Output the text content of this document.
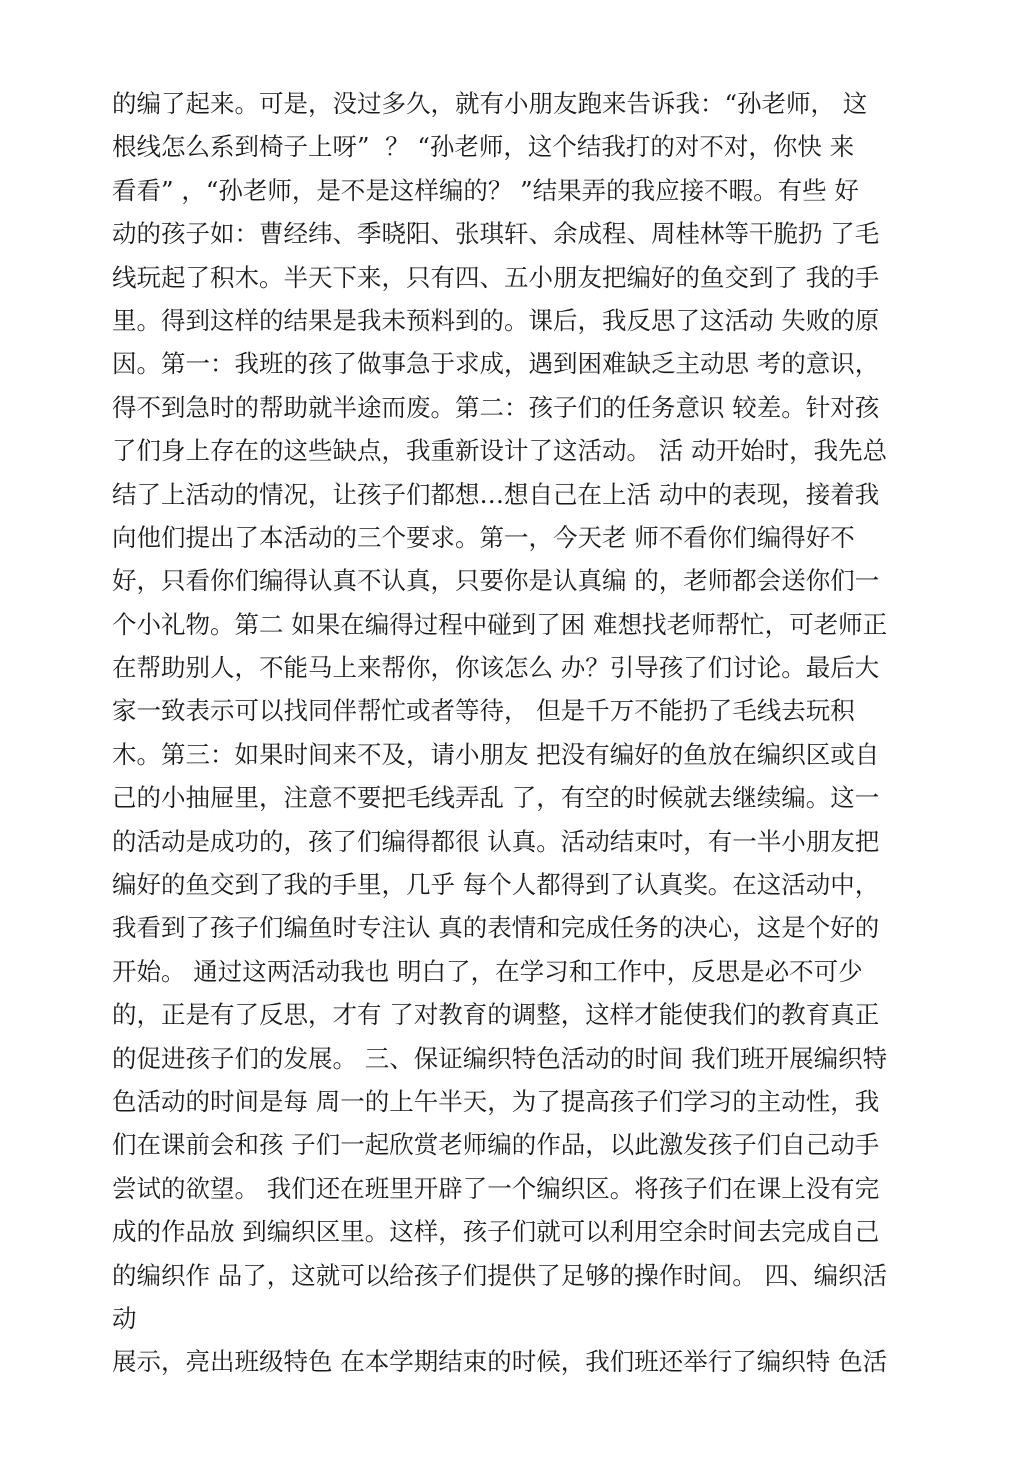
的编了起来。可是，没过多久，就有小朋友跑来告诉我：“孙老师， 这
根线怎么系到椅子上呀”  ？ “孙老师，这个结我打的对不对，你快 来
看看” ，“孙老师，是不是这样编的？ ”结果弄的我应接不暇。有些 好
动的孩子如：曹经纬、季晓阳、张琪轩、余成程、周桂林等干脆扔 了毛
线玩起了积木。半天下来，只有四、五小朋友把编好的鱼交到了 我的手
里。得到这样的结果是我未预料到的。课后，我反思了这活动 失败的原
因。第一：我班的孩了做事急于求成，遇到困难缺乏主动思 考的意识，
得不到急时的帮助就半途而废。第二：孩子们的任务意识 较差。针对孩
了们身上存在的这些缺点，我重新设计了这活动。 活 动开始时，我先总
结了上活动的情况，让孩子们都想…想自己在上活 动中的表现，接着我
向他们提出了本活动的三个要求。第一，今天老 师不看你们编得好不
好，只看你们编得认真不认真，只要你是认真编 的，老师都会送你们一
个小礼物。第二 如果在编得过程中碰到了困 难想找老师帮忙，可老师正
在帮助别人，不能马上来帮你，你该怎么 办？引导孩了们讨论。最后大
家一致表示可以找同伴帮忙或者等待， 但是千万不能扔了毛线去玩积
木。第三：如果时间来不及，请小朋友 把没有编好的鱼放在编织区或自
己的小抽屉里，注意不要把毛线弄乱 了，有空的时候就去继续编。这一
的活动是成功的，孩了们编得都很 认真。活动结束吋，有一半小朋友把
编好的鱼交到了我的手里，几乎 每个人都得到了认真奖。在这活动中，
我看到了孩子们编鱼时专注认 真的表情和完成任务的决心，这是个好的
开始。 通过这两活动我也 明白了，在学习和工作中，反思是必不可少
的，正是有了反思，才有 了对教育的调整，这样才能使我们的教育真正
的促进孩子们的发展。 三、保证编织特色活动的时间 我们班开展编织特
色活动的时间是每 周一的上午半天，为了提高孩子们学习的主动性，我
们在课前会和孩 子们一起欣赏老师编的作品，以此激发孩子们自己动手
尝试的欲望。 我们还在班里开辟了一个编织区。将孩子们在课上没有完
成的作品放 到编织区里。这样，孩子们就可以利用空余时间去完成自己
的编织作 品了，这就可以给孩子们提供了足够的操作时间。 四、编织活
动
展示，亮出班级特色 在本学期结束的时候，我们班还举行了编织特 色活
